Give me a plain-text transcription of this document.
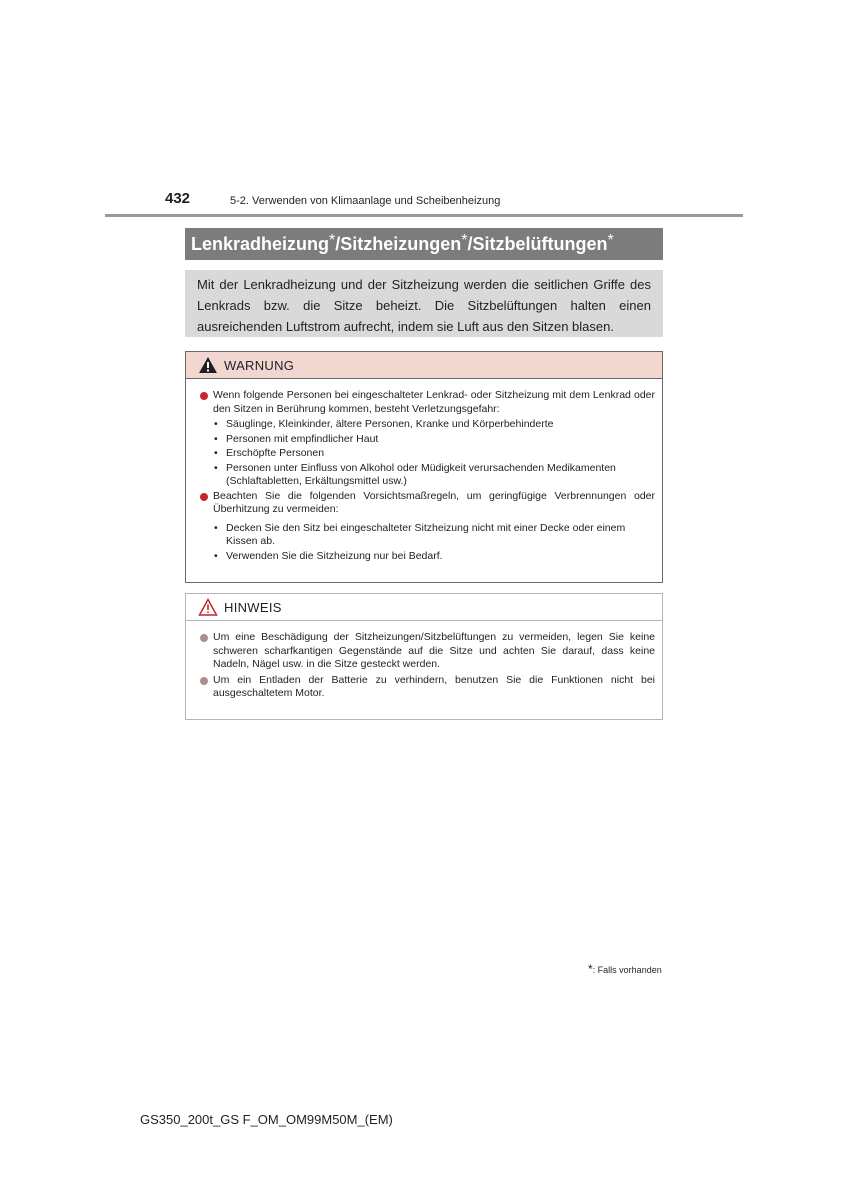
432	5-2. Verwenden von Klimaanlage und Scheibenheizung
Lenkradheizung* /Sitzheizungen* /Sitzbelüftungen*
Mit der Lenkradheizung und der Sitzheizung werden die seitlichen Griffe des Lenkrads bzw. die Sitze beheizt. Die Sitzbelüftungen halten einen ausreichenden Luftstrom aufrecht, indem sie Luft aus den Sitzen blasen.
WARNUNG
Wenn folgende Personen bei eingeschalteter Lenkrad- oder Sitzheizung mit dem Lenkrad oder den Sitzen in Berührung kommen, besteht Verletzungsgefahr:
• Säuglinge, Kleinkinder, ältere Personen, Kranke und Körperbehinderte
• Personen mit empfindlicher Haut
• Erschöpfte Personen
• Personen unter Einfluss von Alkohol oder Müdigkeit verursachenden Medikamenten (Schlaftabletten, Erkältungsmittel usw.)
Beachten Sie die folgenden Vorsichtsmaßregeln, um geringfügige Verbrennungen oder Überhitzung zu vermeiden:
• Decken Sie den Sitz bei eingeschalteter Sitzheizung nicht mit einer Decke oder einem Kissen ab.
• Verwenden Sie die Sitzheizung nur bei Bedarf.
HINWEIS
Um eine Beschädigung der Sitzheizungen/Sitzbelüftungen zu vermeiden, legen Sie keine schweren scharfkantigen Gegenstände auf die Sitze und achten Sie darauf, dass keine Nadeln, Nägel usw. in die Sitze gesteckt werden.
Um ein Entladen der Batterie zu verhindern, benutzen Sie die Funktionen nicht bei ausgeschaltetem Motor.
*: Falls vorhanden
GS350_200t_GS F_OM_OM99M50M_(EM)
